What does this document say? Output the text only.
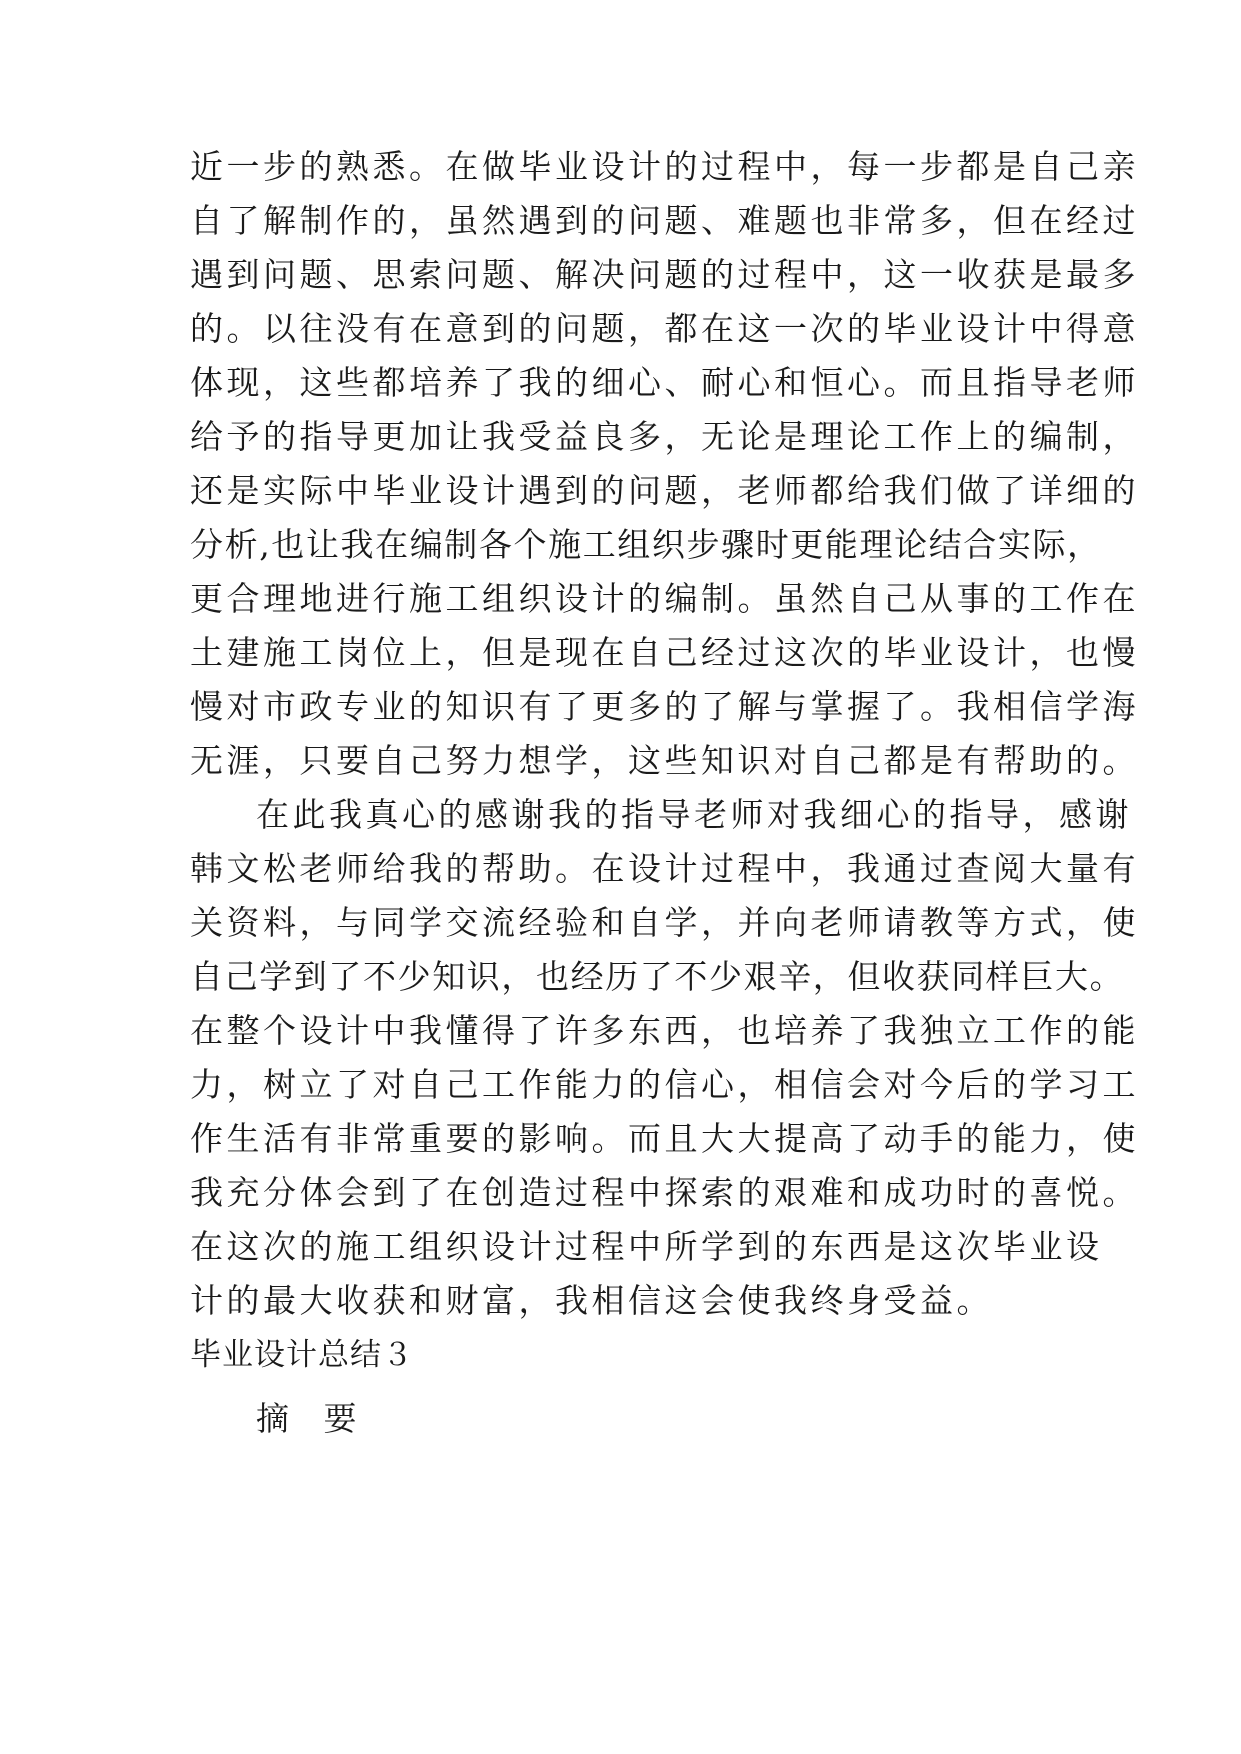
近一步的熟悉。在做毕业设计的过程中，每一步都是自己亲
自了解制作的，虽然遇到的问题、难题也非常多，但在经过
遇到问题、思索问题、解决问题的过程中，这一收获是最多
的。以往没有在意到的问题，都在这一次的毕业设计中得意
体现，这些都培养了我的细心、耐心和恒心。而且指导老师
给予的指导更加让我受益良多，无论是理论工作上的编制，
还是实际中毕业设计遇到的问题，老师都给我们做了详细的
分析,也让我在编制各个施工组织步骤时更能理论结合实际，
更合理地进行施工组织设计的编制。虽然自己从事的工作在
土建施工岗位上，但是现在自己经过这次的毕业设计，也慢
慢对市政专业的知识有了更多的了解与掌握了。我相信学海
无涯，只要自己努力想学，这些知识对自己都是有帮助的。
在此我真心的感谢我的指导老师对我细心的指导，感谢
韩文松老师给我的帮助。在设计过程中，我通过查阅大量有
关资料，与同学交流经验和自学，并向老师请教等方式，使
自己学到了不少知识，也经历了不少艰辛，但收获同样巨大。
在整个设计中我懂得了许多东西，也培养了我独立工作的能
力，树立了对自己工作能力的信心，相信会对今后的学习工
作生活有非常重要的影响。而且大大提高了动手的能力，使
我充分体会到了在创造过程中探索的艰难和成功时的喜悦。
在这次的施工组织设计过程中所学到的东西是这次毕业设
计的最大收获和财富，我相信这会使我终身受益。
毕业设计总结３
摘 要
